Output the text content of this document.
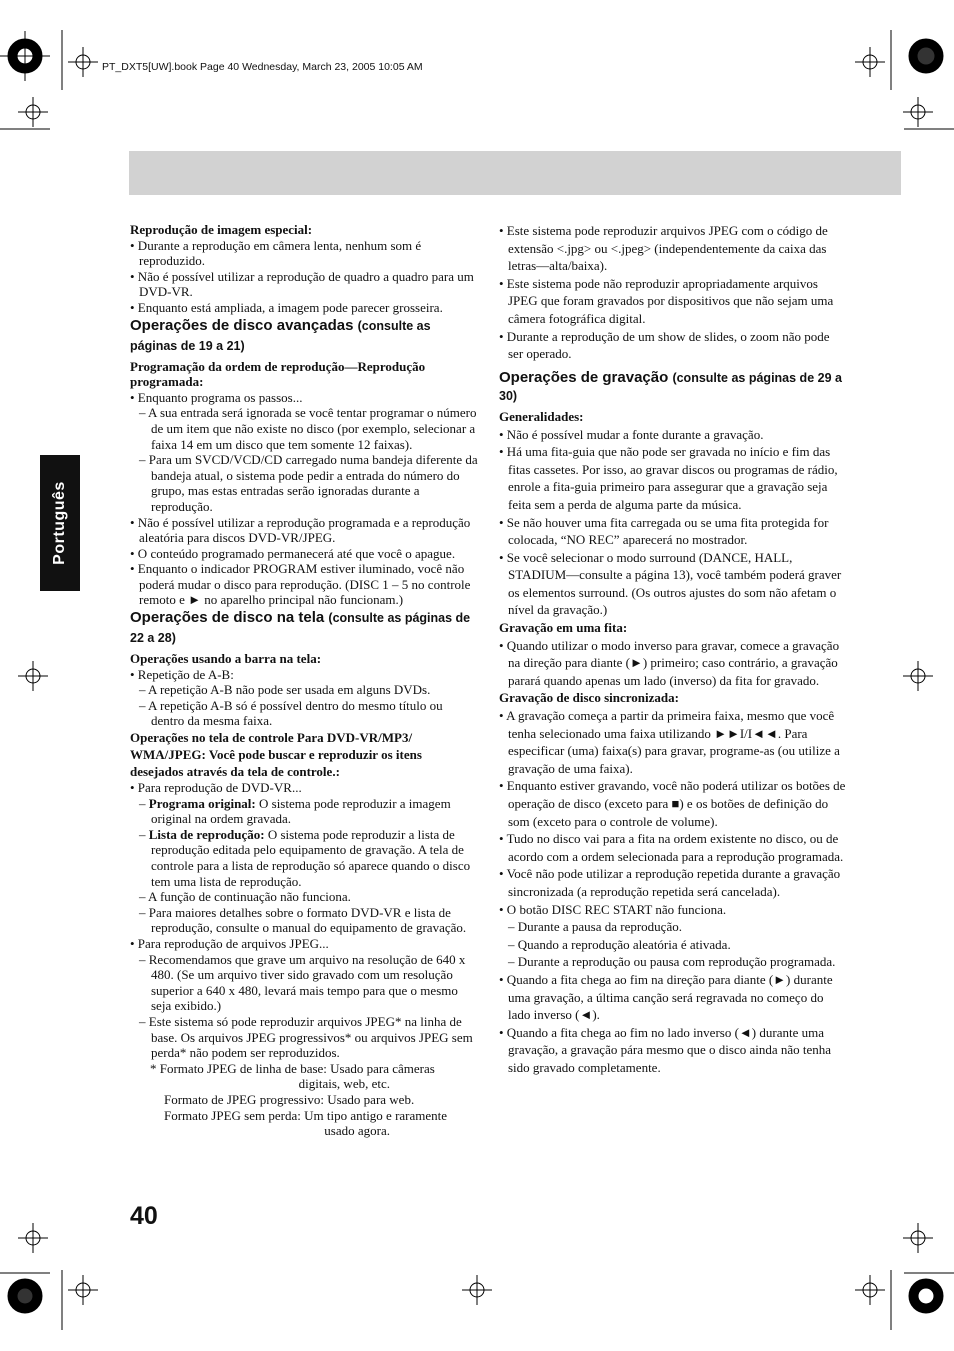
PT_DXT5[UW].book Page 40 Wednesday, March 23, 2005 10:05 AM
Português

Reprodução de imagem especial:

• Durante a reprodução em câmera lenta, nenhum som é reproduzido.

• Não é possível utilizar a reprodução de quadro a quadro para um DVD-VR.

• Enquanto está ampliada, a imagem pode parecer grosseira.

Operações de disco avançadas (consulte as páginas de 19 a 21)

Programação da ordem de reprodução—Reprodução programada:

• Enquanto programa os passos...

– A sua entrada será ignorada se você tentar programar o número de um item que não existe no disco (por exemplo, selecionar a faixa 14 em um disco que tem somente 12 faixas).

– Para um SVCD/VCD/CD carregado numa bandeja diferente da bandeja atual, o sistema pode pedir a entrada do número do grupo, mas estas entradas serão ignoradas durante a reprodução.

• Não é possível utilizar a reprodução programada e a reprodução aleatória para discos DVD-VR/JPEG.

• O conteúdo programado permanecerá até que você o apague.

• Enquanto o indicador PROGRAM estiver iluminado, você não poderá mudar o disco para reprodução. (DISC 1 – 5 no controle remoto e ► no aparelho principal não funcionam.)

Operações de disco na tela (consulte as páginas de 22 a 28)

Operações usando a barra na tela:

• Repetição de A-B:

– A repetição A-B não pode ser usada em alguns DVDs.

– A repetição A-B só é possível dentro do mesmo título ou dentro da mesma faixa.

Operações no tela de controle Para DVD-VR/MP3/ WMA/JPEG: Você pode buscar e reproduzir os itens desejados através da tela de controle.:

• Para reprodução de DVD-VR...

– Programa original: O sistema pode reproduzir a imagem original na ordem gravada.

– Lista de reprodução: O sistema pode reproduzir a lista de reprodução editada pelo equipamento de gravação. A tela de controle para a lista de reprodução só aparece quando o disco tem uma lista de reprodução.

– A função de continuação não funciona.

– Para maiores detalhes sobre o formato DVD-VR e lista de reprodução, consulte o manual do equipamento de gravação.

• Para reprodução de arquivos JPEG...

– Recomendamos que grave um arquivo na resolução de 640 x 480. (Se um arquivo tiver sido gravado com um resolução superior a 640 x 480, levará mais tempo para que o mesmo seja exibido.)

– Este sistema só pode reproduzir arquivos JPEG* na linha de base. Os arquivos JPEG progressivos* ou arquivos JPEG sem perda* não podem ser reproduzidos.

* Formato JPEG de linha de base: Usado para câmeras

digitais, web, etc.

Formato de JPEG progressivo: Usado para web.

Formato JPEG sem perda: Um tipo antigo e raramente

usado agora.

• Este sistema pode reproduzir arquivos JPEG com o código de extensão <.jpg> ou <.jpeg> (independentemente da caixa das letras—alta/baixa).

• Este sistema pode não reproduzir apropriadamente arquivos JPEG que foram gravados por dispositivos que não sejam uma câmera fotográfica digital.

• Durante a reprodução de um show de slides, o zoom não pode ser operado.

Operações de gravação (consulte as páginas de 29 a 30)

Generalidades:

• Não é possível mudar a fonte durante a gravação.

• Há uma fita-guia que não pode ser gravada no início e fim das fitas cassetes. Por isso, ao gravar discos ou programas de rádio, enrole a fita-guia primeiro para assegurar que a gravação seja feita sem a perda de alguma parte da música.

• Se não houver uma fita carregada ou se uma fita protegida for colocada, “NO REC” aparecerá no mostrador.

• Se você selecionar o modo surround (DANCE, HALL, STADIUM—consulte a página 13), você também poderá graver os elementos surround. (Os outros ajustes do som não afetam o nível da gravação.)

Gravação em uma fita:

• Quando utilizar o modo inverso para gravar, comece a gravação na direção para diante (►) primeiro; caso contrário, a gravação parará quando apenas um lado (inverso) da fita for gravado.

Gravação de disco sincronizada:

• A gravação começa a partir da primeira faixa, mesmo que você tenha selecionado uma faixa utilizando ►►I/I◄◄. Para especificar (uma) faixa(s) para gravar, programe-as (ou utilize a gravação de uma faixa).

• Enquanto estiver gravando, você não poderá utilizar os botões de operação de disco (exceto para ■) e os botões de definição do som (exceto para o controle de volume).

• Tudo no disco vai para a fita na ordem existente no disco, ou de acordo com a ordem selecionada para a reprodução programada.

• Você não pode utilizar a reprodução repetida durante a gravação sincronizada (a reprodução repetida será cancelada).

• O botão DISC REC START não funciona.

– Durante a pausa da reprodução.

– Quando a reprodução aleatória é ativada.

– Durante a reprodução ou pausa com reprodução programada.

• Quando a fita chega ao fim na direção para diante (►) durante uma gravação, a última canção será regravada no começo do lado inverso (◄).

• Quando a fita chega ao fim no lado inverso (◄) durante uma gravação, a gravação pára mesmo que o disco ainda não tenha sido gravado completamente.

40
